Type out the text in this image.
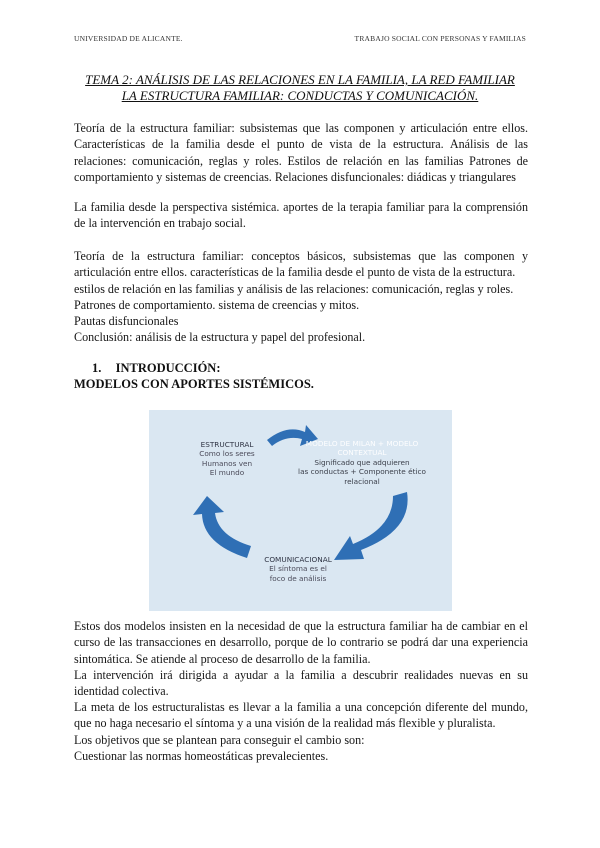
UNIVERSIDAD DE ALICANTE.	TRABAJO SOCIAL CON PERSONAS Y FAMILIAS
TEMA 2: ANÁLISIS DE LAS RELACIONES EN LA FAMILIA, LA RED FAMILIAR
LA ESTRUCTURA FAMILIAR: CONDUCTAS Y COMUNICACIÓN.
Teoría de la estructura familiar: subsistemas que las componen y articulación entre ellos. Características de la familia desde el punto de vista de la estructura. Análisis de las relaciones: comunicación, reglas y roles. Estilos de relación en las familias Patrones de comportamiento y sistemas de creencias. Relaciones disfuncionales: diádicas y triangulares
La familia desde la perspectiva sistémica. aportes de la terapia familiar para la comprensión de la intervención en trabajo social.
Teoría de la estructura familiar: conceptos básicos, subsistemas que las componen y articulación entre ellos. características de la familia desde el punto de vista de la estructura.
estilos de relación en las familias y análisis de las relaciones: comunicación, reglas y roles.
Patrones de comportamiento. sistema de creencias y mitos.
Pautas disfuncionales
Conclusión: análisis de la estructura y papel del profesional.
1. INTRODUCCIÓN:
MODELOS CON APORTES SISTÉMICOS.
ESTRUCTURAL
Como los seres
Humanos ven
El mundo
MODELO DE MILAN + MODELO
CONTEXTUAL
Significado que adquieren
las conductas + Componente ético
relacional
COMUNICACIONAL
El síntoma es el
foco de análisis
Estos dos modelos insisten en la necesidad de que la estructura familiar ha de cambiar en el curso de las transacciones en desarrollo, porque de lo contrario se podrá dar una experiencia sintomática. Se atiende al proceso de desarrollo de la familia.
La intervención irá dirigida a ayudar a la familia a descubrir realidades nuevas en su identidad colectiva.
La meta de los estructuralistas es llevar a la familia a una concepción diferente del mundo, que no haga necesario el síntoma y a una visión de la realidad más flexible y pluralista.
Los objetivos que se plantean para conseguir el cambio son:
Cuestionar las normas homeostáticas prevalecientes.
